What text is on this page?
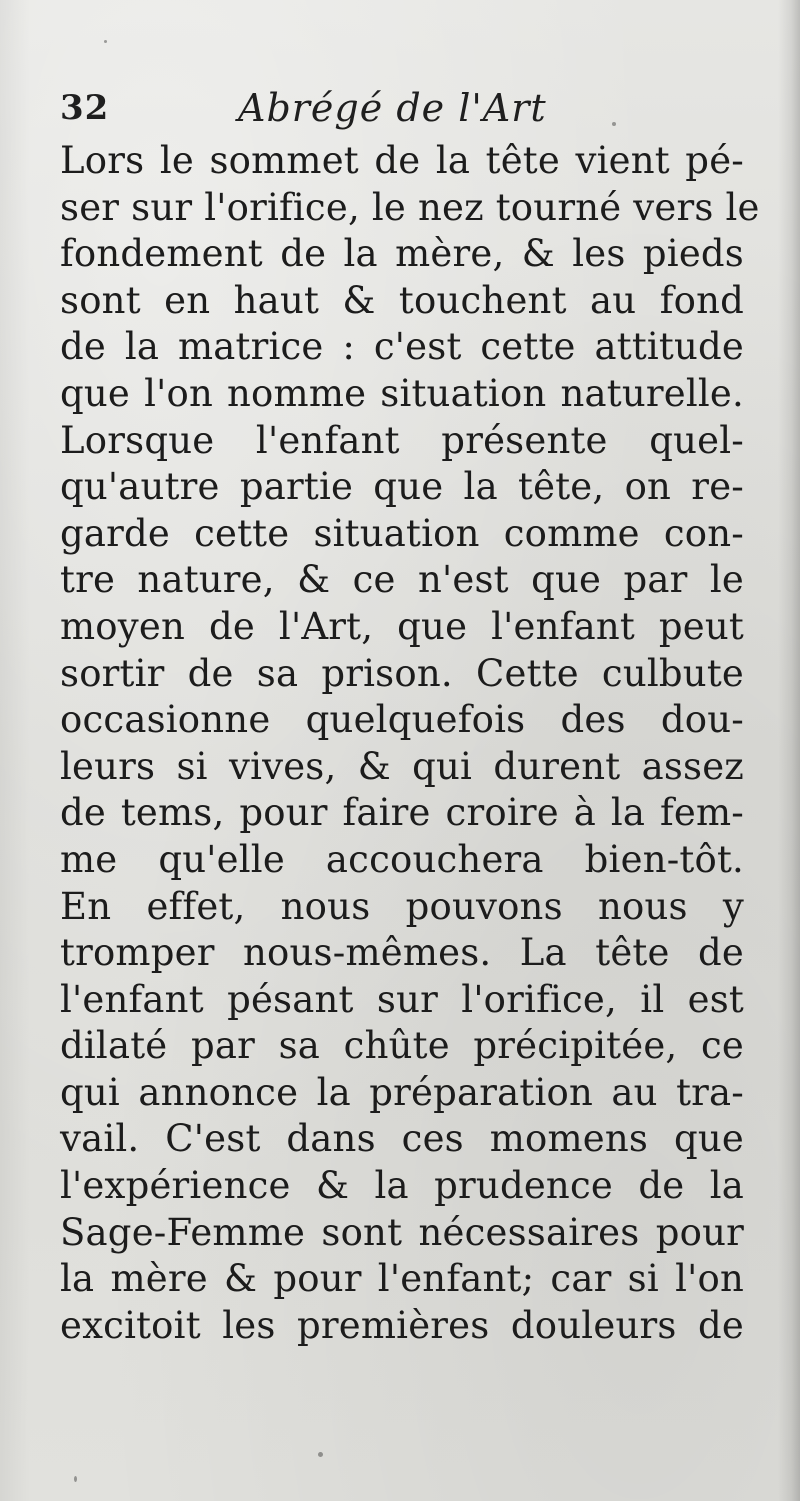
32	Abrégé de l'Art
Lors le sommet de la tête vient pé-
ser sur l'orifice, le nez tourné vers le
fondement de la mère, & les pieds
sont en haut & touchent au fond
de la matrice : c'est cette attitude
que l'on nomme situation naturelle.
Lorsque l'enfant présente quel-
qu'autre partie que la tête, on re-
garde cette situation comme con-
tre nature, & ce n'est que par le
moyen de l'Art, que l'enfant peut
sortir de sa prison. Cette culbute
occasionne quelquefois des dou-
leurs si vives, & qui durent assez
de tems, pour faire croire à la fem-
me qu'elle accouchera bien-tôt.
En effet, nous pouvons nous y
tromper nous-mêmes. La tête de
l'enfant pésant sur l'orifice, il est
dilaté par sa chûte précipitée, ce
qui annonce la préparation au tra-
vail. C'est dans ces momens que
l'expérience & la prudence de la
Sage-Femme sont nécessaires pour
la mère & pour l'enfant; car si l'on
excitoit les premières douleurs de
